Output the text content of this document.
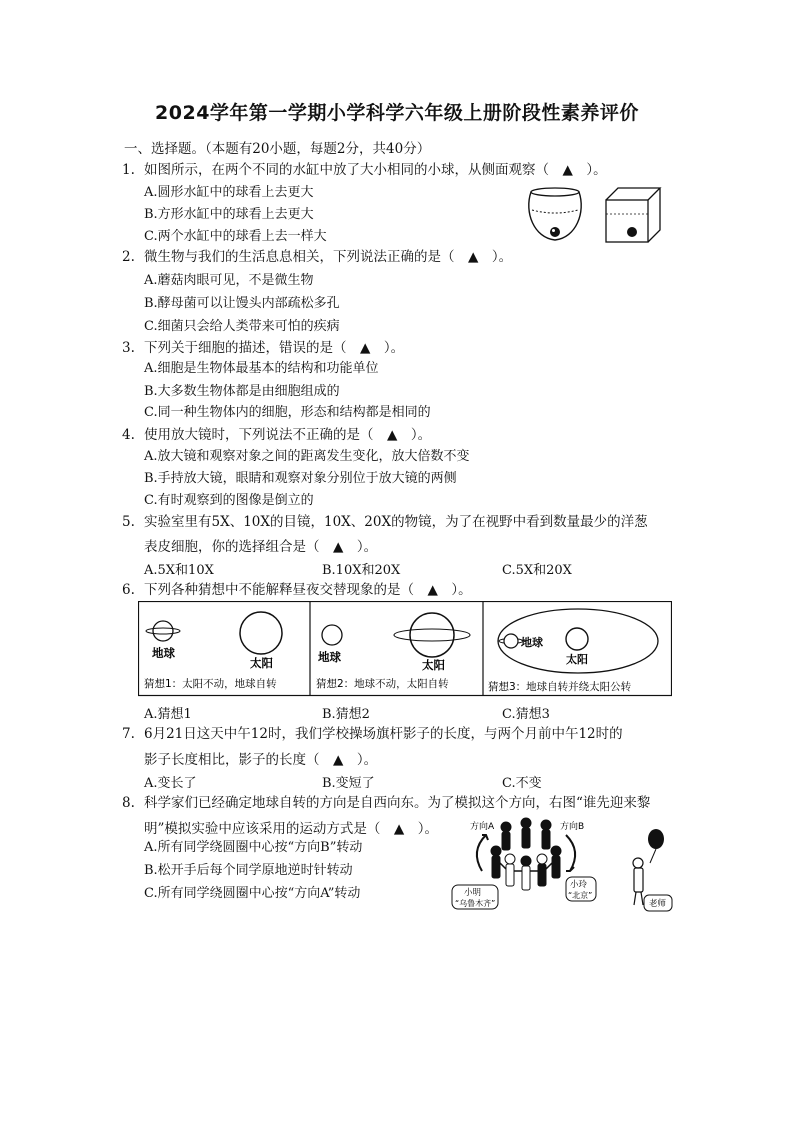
2024学年第一学期小学科学六年级上册阶段性素养评价
一、选择题。（本题有20小题，每题2分，共40分）
1. 如图所示，在两个不同的水缸中放了大小相同的小球，从侧面观察（　▲　）。
A.圆形水缸中的球看上去更大
B.方形水缸中的球看上去更大
C.两个水缸中的球看上去一样大
2. 微生物与我们的生活息息相关，下列说法正确的是（　▲　）。
A.蘑菇肉眼可见，不是微生物
B.酵母菌可以让馒头内部疏松多孔
C.细菌只会给人类带来可怕的疾病
3. 下列关于细胞的描述，错误的是（　▲　）。
A.细胞是生物体最基本的结构和功能单位
B.大多数生物体都是由细胞组成的
C.同一种生物体内的细胞，形态和结构都是相同的
4. 使用放大镜时，下列说法不正确的是（　▲　）。
A.放大镜和观察对象之间的距离发生变化，放大倍数不变
B.手持放大镜，眼睛和观察对象分别位于放大镜的两侧
C.有时观察到的图像是倒立的
5. 实验室里有5X、10X的目镜，10X、20X的物镜，为了在视野中看到数量最少的洋葱
表皮细胞，你的选择组合是（　▲　）。
A.5X和10X	B.10X和20X	C.5X和20X
6. 下列各种猜想中不能解释昼夜交替现象的是（　▲　）。
地球
太阳
猜想1：太阳不动，地球自转
地球
太阳
猜想2：地球不动，太阳自转
地球
太阳
猜想3：地球自转并绕太阳公转
A.猜想1	B.猜想2	C.猜想3
7. 6月21日这天中午12时，我们学校操场旗杆影子的长度，与两个月前中午12时的
影子长度相比，影子的长度（　▲　）。
A.变长了	B.变短了	C.不变
8. 科学家们已经确定地球自转的方向是自西向东。为了模拟这个方向，右图“谁先迎来黎
明”模拟实验中应该采用的运动方式是（　▲　）。
A.所有同学绕圆圈中心按“方向B”转动
B.松开手后每个同学原地逆时针转动
C.所有同学绕圆圈中心按“方向A”转动
方向A	方向B
小明
“乌鲁木齐”
小玲
“北京”
老师
